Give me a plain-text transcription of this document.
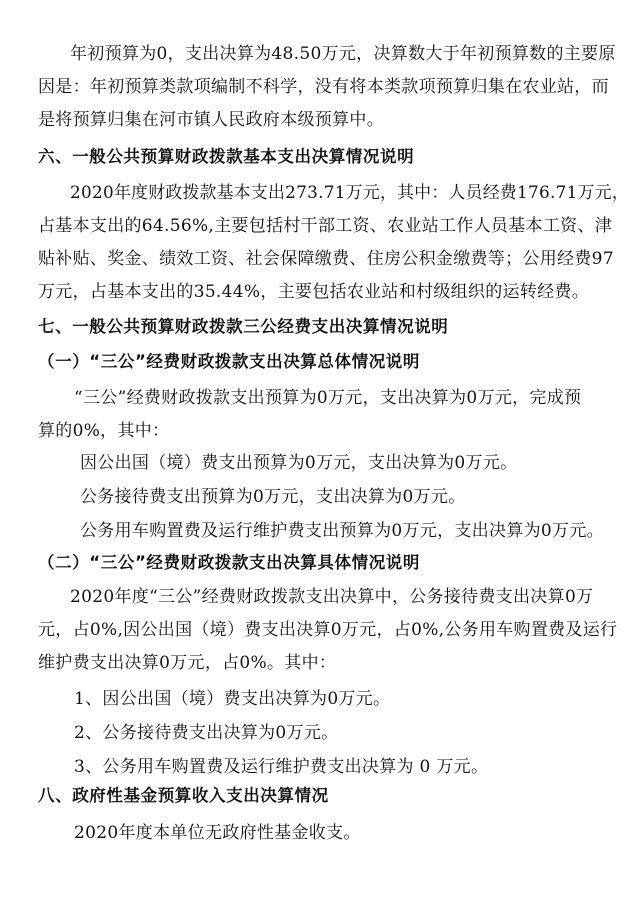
年初预算为0，支出决算为48.50万元，决算数大于年初预算数的主要原
因是：年初预算类款项编制不科学，没有将本类款项预算归集在农业站，而
是将预算归集在河市镇人民政府本级预算中。
六、一般公共预算财政拨款基本支出决算情况说明
2020年度财政拨款基本支出273.71万元，其中：人员经费176.71万元，
占基本支出的64.56%,主要包括村干部工资、农业站工作人员基本工资、津
贴补贴、奖金、绩效工资、社会保障缴费、住房公积金缴费等；公用经费97
万元，占基本支出的35.44%，主要包括农业站和村级组织的运转经费。
七、一般公共预算财政拨款三公经费支出决算情况说明
（一）“三公”经费财政拨款支出决算总体情况说明
“三公”经费财政拨款支出预算为0万元，支出决算为0万元，完成预
算的0%，其中：
因公出国（境）费支出预算为0万元，支出决算为0万元。
公务接待费支出预算为0万元，支出决算为0万元。
公务用车购置费及运行维护费支出预算为0万元，支出决算为0万元。
（二）“三公”经费财政拨款支出决算具体情况说明
2020年度“三公”经费财政拨款支出决算中，公务接待费支出决算0万
元，占0%,因公出国（境）费支出决算0万元，占0%,公务用车购置费及运行
维护费支出决算0万元，占0%。其中：
1、因公出国（境）费支出决算为0万元。
2、公务接待费支出决算为0万元。
3、公务用车购置费及运行维护费支出决算为 0 万元。
八、政府性基金预算收入支出决算情况
2020年度本单位无政府性基金收支。
